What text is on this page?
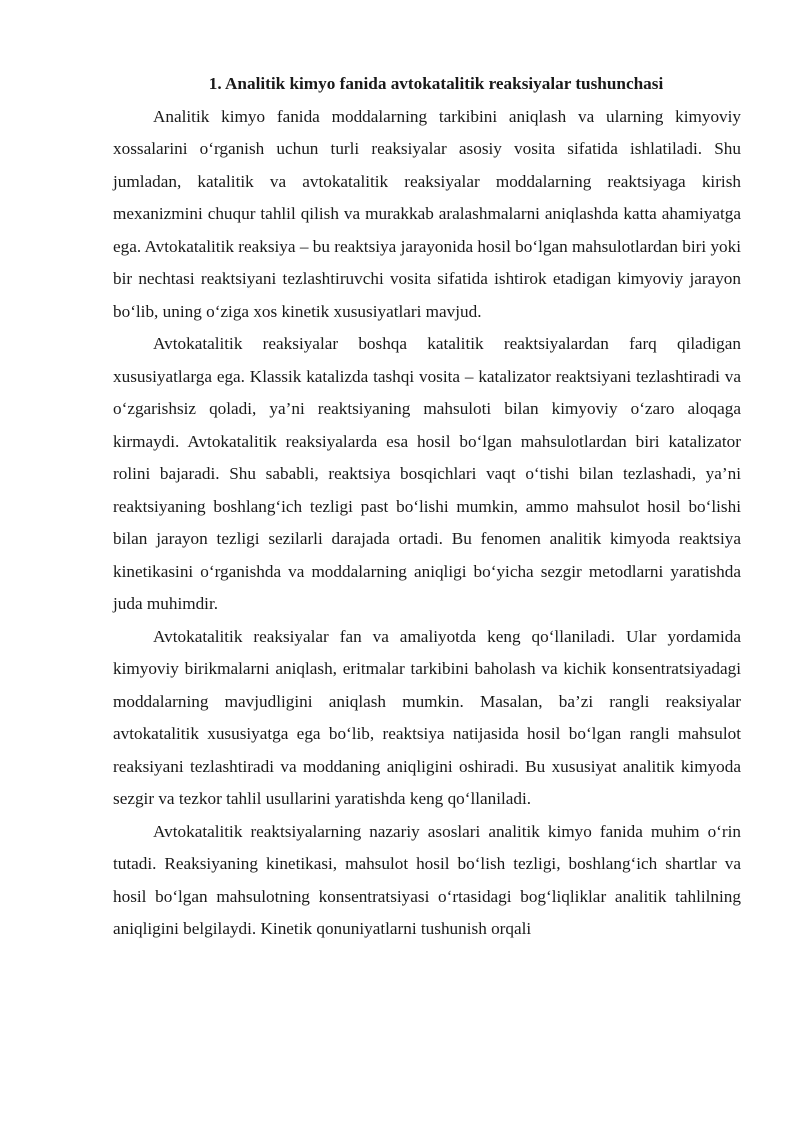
1. Analitik kimyo fanida avtokatalitik reaksiyalar tushunchasi

Analitik kimyo fanida moddalarning tarkibini aniqlash va ularning kimyoviy xossalarini o‘rganish uchun turli reaksiyalar asosiy vosita sifatida ishlatiladi. Shu jumladan, katalitik va avtokatalitik reaksiyalar moddalarning reaktsiyaga kirish mexanizmini chuqur tahlil qilish va murakkab aralashmalarni aniqlashda katta ahamiyatga ega. Avtokatalitik reaksiya – bu reaktsiya jarayonida hosil bo‘lgan mahsulotlardan biri yoki bir nechtasi reaktsiyani tezlashtiruvchi vosita sifatida ishtirok etadigan kimyoviy jarayon bo‘lib, uning o‘ziga xos kinetik xususiyatlari mavjud.

Avtokatalitik reaksiyalar boshqa katalitik reaktsiyalardan farq qiladigan xususiyatlarga ega. Klassik katalizda tashqi vosita – katalizator reaktsiyani tezlashtiradi va o‘zgarishsiz qoladi, ya’ni reaktsiyaning mahsuloti bilan kimyoviy o‘zaro aloqaga kirmaydi. Avtokatalitik reaksiyalarda esa hosil bo‘lgan mahsulotlardan biri katalizator rolini bajaradi. Shu sababli, reaktsiya bosqichlari vaqt o‘tishi bilan tezlashadi, ya’ni reaktsiyaning boshlang‘ich tezligi past bo‘lishi mumkin, ammo mahsulot hosil bo‘lishi bilan jarayon tezligi sezilarli darajada ortadi. Bu fenomen analitik kimyoda reaktsiya kinetikasini o‘rganishda va moddalarning aniqligi bo‘yicha sezgir metodlarni yaratishda juda muhimdir.

Avtokatalitik reaksiyalar fan va amaliyotda keng qo‘llaniladi. Ular yordamida kimyoviy birikmalarni aniqlash, eritmalar tarkibini baholash va kichik konsentratsiyadagi moddalarning mavjudligini aniqlash mumkin. Masalan, ba’zi rangli reaksiyalar avtokatalitik xususiyatga ega bo‘lib, reaktsiya natijasida hosil bo‘lgan rangli mahsulot reaksiyani tezlashtiradi va moddaning aniqligini oshiradi. Bu xususiyat analitik kimyoda sezgir va tezkor tahlil usullarini yaratishda keng qo‘llaniladi.

Avtokatalitik reaktsiyalarning nazariy asoslari analitik kimyo fanida muhim o‘rin tutadi. Reaksiyaning kinetikasi, mahsulot hosil bo‘lish tezligi, boshlang‘ich shartlar va hosil bo‘lgan mahsulotning konsentratsiyasi o‘rtasidagi bog‘liqliklar analitik tahlilning aniqligini belgilaydi. Kinetik qonuniyatlarni tushunish orqali
